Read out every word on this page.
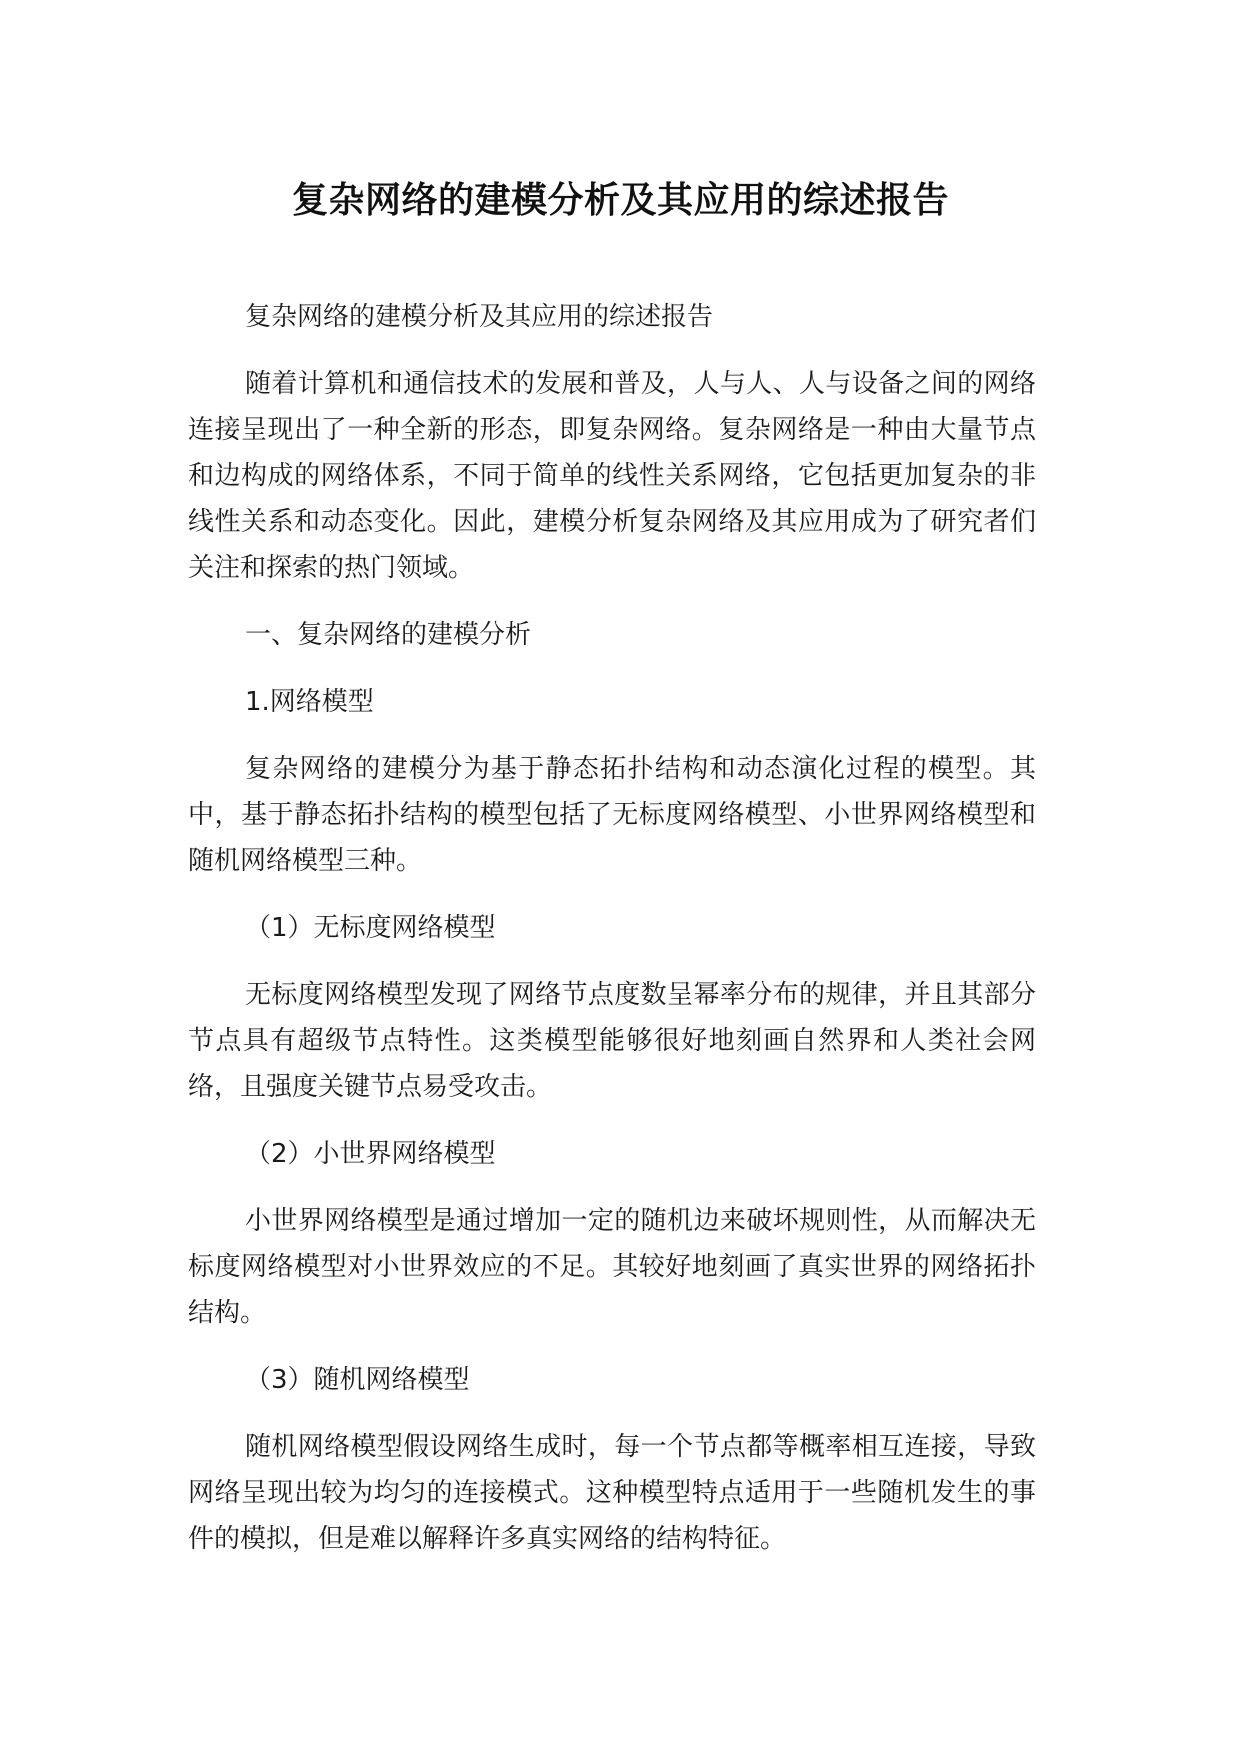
复杂网络的建模分析及其应用的综述报告

复杂网络的建模分析及其应用的综述报告

随着计算机和通信技术的发展和普及，人与人、人与设备之间的网络连接呈现出了一种全新的形态，即复杂网络。复杂网络是一种由大量节点和边构成的网络体系，不同于简单的线性关系网络，它包括更加复杂的非线性关系和动态变化。因此，建模分析复杂网络及其应用成为了研究者们关注和探索的热门领域。

一、复杂网络的建模分析

1.网络模型

复杂网络的建模分为基于静态拓扑结构和动态演化过程的模型。其中，基于静态拓扑结构的模型包括了无标度网络模型、小世界网络模型和随机网络模型三种。

（1）无标度网络模型

无标度网络模型发现了网络节点度数呈幂率分布的规律，并且其部分节点具有超级节点特性。这类模型能够很好地刻画自然界和人类社会网络，且强度关键节点易受攻击。

（2）小世界网络模型

小世界网络模型是通过增加一定的随机边来破坏规则性，从而解决无标度网络模型对小世界效应的不足。其较好地刻画了真实世界的网络拓扑结构。

（3）随机网络模型

随机网络模型假设网络生成时，每一个节点都等概率相互连接，导致网络呈现出较为均匀的连接模式。这种模型特点适用于一些随机发生的事件的模拟，但是难以解释许多真实网络的结构特征。
